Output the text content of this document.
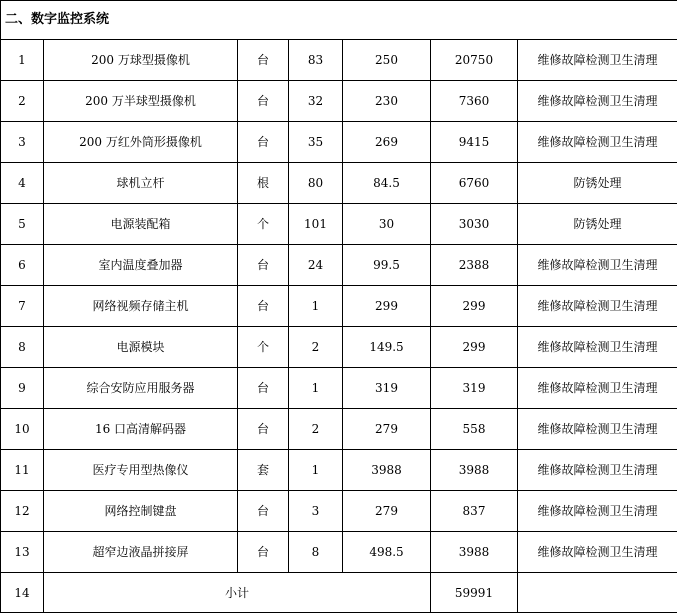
二、数字监控系统						
1	200 万球型摄像机	台	83	250	20750	维修故障检测卫生清理
2	200 万半球型摄像机	台	32	230	7360	维修故障检测卫生清理
3	200 万红外筒形摄像机	台	35	269	9415	维修故障检测卫生清理
4	球机立杆	根	80	84.5	6760	防锈处理
5	电源装配箱	个	101	30	3030	防锈处理
6	室内温度叠加器	台	24	99.5	2388	维修故障检测卫生清理
7	网络视频存储主机	台	1	299	299	维修故障检测卫生清理
8	电源模块	个	2	149.5	299	维修故障检测卫生清理
9	综合安防应用服务器	台	1	319	319	维修故障检测卫生清理
10	16 口高清解码器	台	2	279	558	维修故障检测卫生清理
11	医疗专用型热像仪	套	1	3988	3988	维修故障检测卫生清理
12	网络控制键盘	台	3	279	837	维修故障检测卫生清理
13	超窄边液晶拼接屏	台	8	498.5	3988	维修故障检测卫生清理
14	小计				59991	
